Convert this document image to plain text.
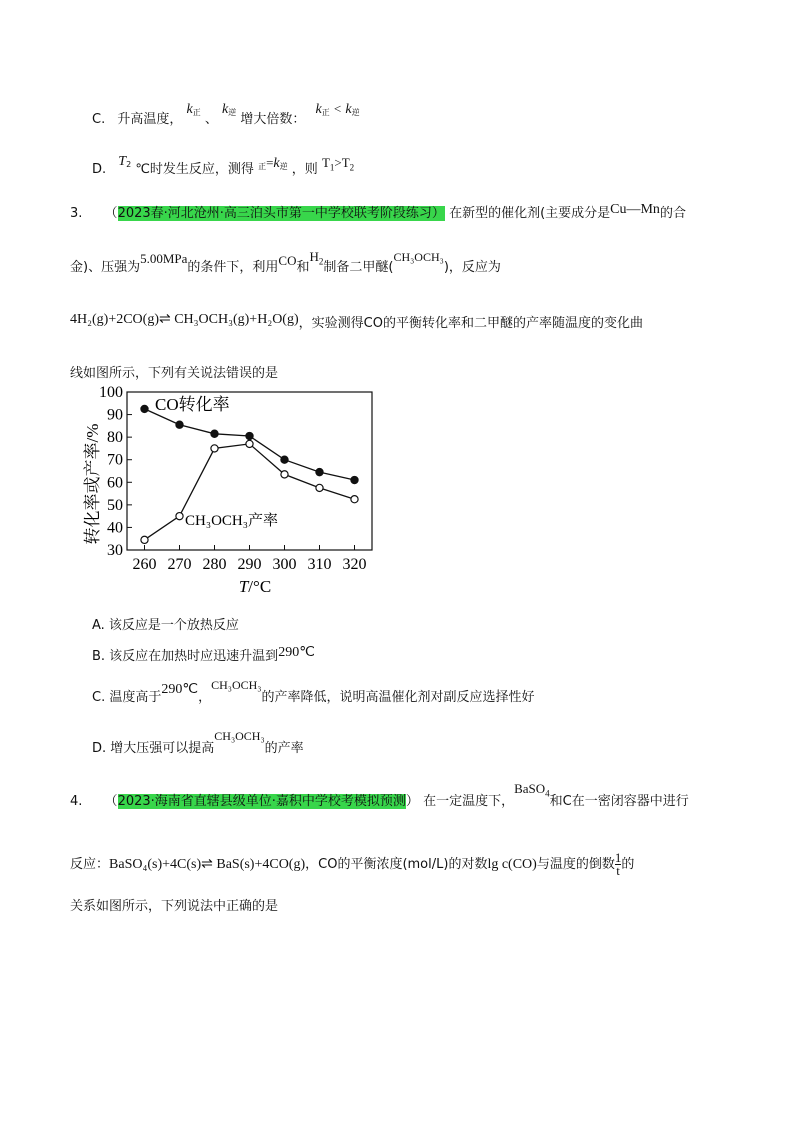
C. 升高温度， k正 、 k逆 增大倍数： k正 < k逆
D. T2 ℃时发生反应，测得 正=k逆 ，则 $T_1>T_2$
3. （2023春·河北沧州·高三泊头市第一中学校联考阶段练习） 在新型的催化剂(主要成分是Cu—Mn的合
金)、压强为5.00MPa的条件下，利用CO和$H_2$制备二甲醚(CH₃OCH₃)，反应为
4H₂(g)+2CO(g)⇌ CH₃OCH₃(g)+H₂O(g)，实验测得CO的平衡转化率和二甲醚的产率随温度的变化曲
线如图所示，下列有关说法错误的是
30
40
50
60
70
80
90
100
260 270 280 290 300 310 320
转化率或产率/%
T/°C
CO转化率
CH₃OCH₃产率
A. 该反应是一个放热反应
B. 该反应在加热时应迅速升温到290℃
C. 温度高于290℃，CH₃OCH₃的产率降低，说明高温催化剂对副反应选择性好
D. 增大压强可以提高CH₃OCH₃的产率
4. （2023·海南省直辖县级单位·嘉积中学校考模拟预测） 在一定温度下，BaSO$_4$和C在一密闭容器中进行
反应：BaSO₄(s)+4C(s)⇌ BaS(s)+4CO(g)，CO的平衡浓度(mol/L)的对数lg c(CO)与温度的倒数 $\frac{1}{t}$ 的
关系如图所示，下列说法中正确的是
